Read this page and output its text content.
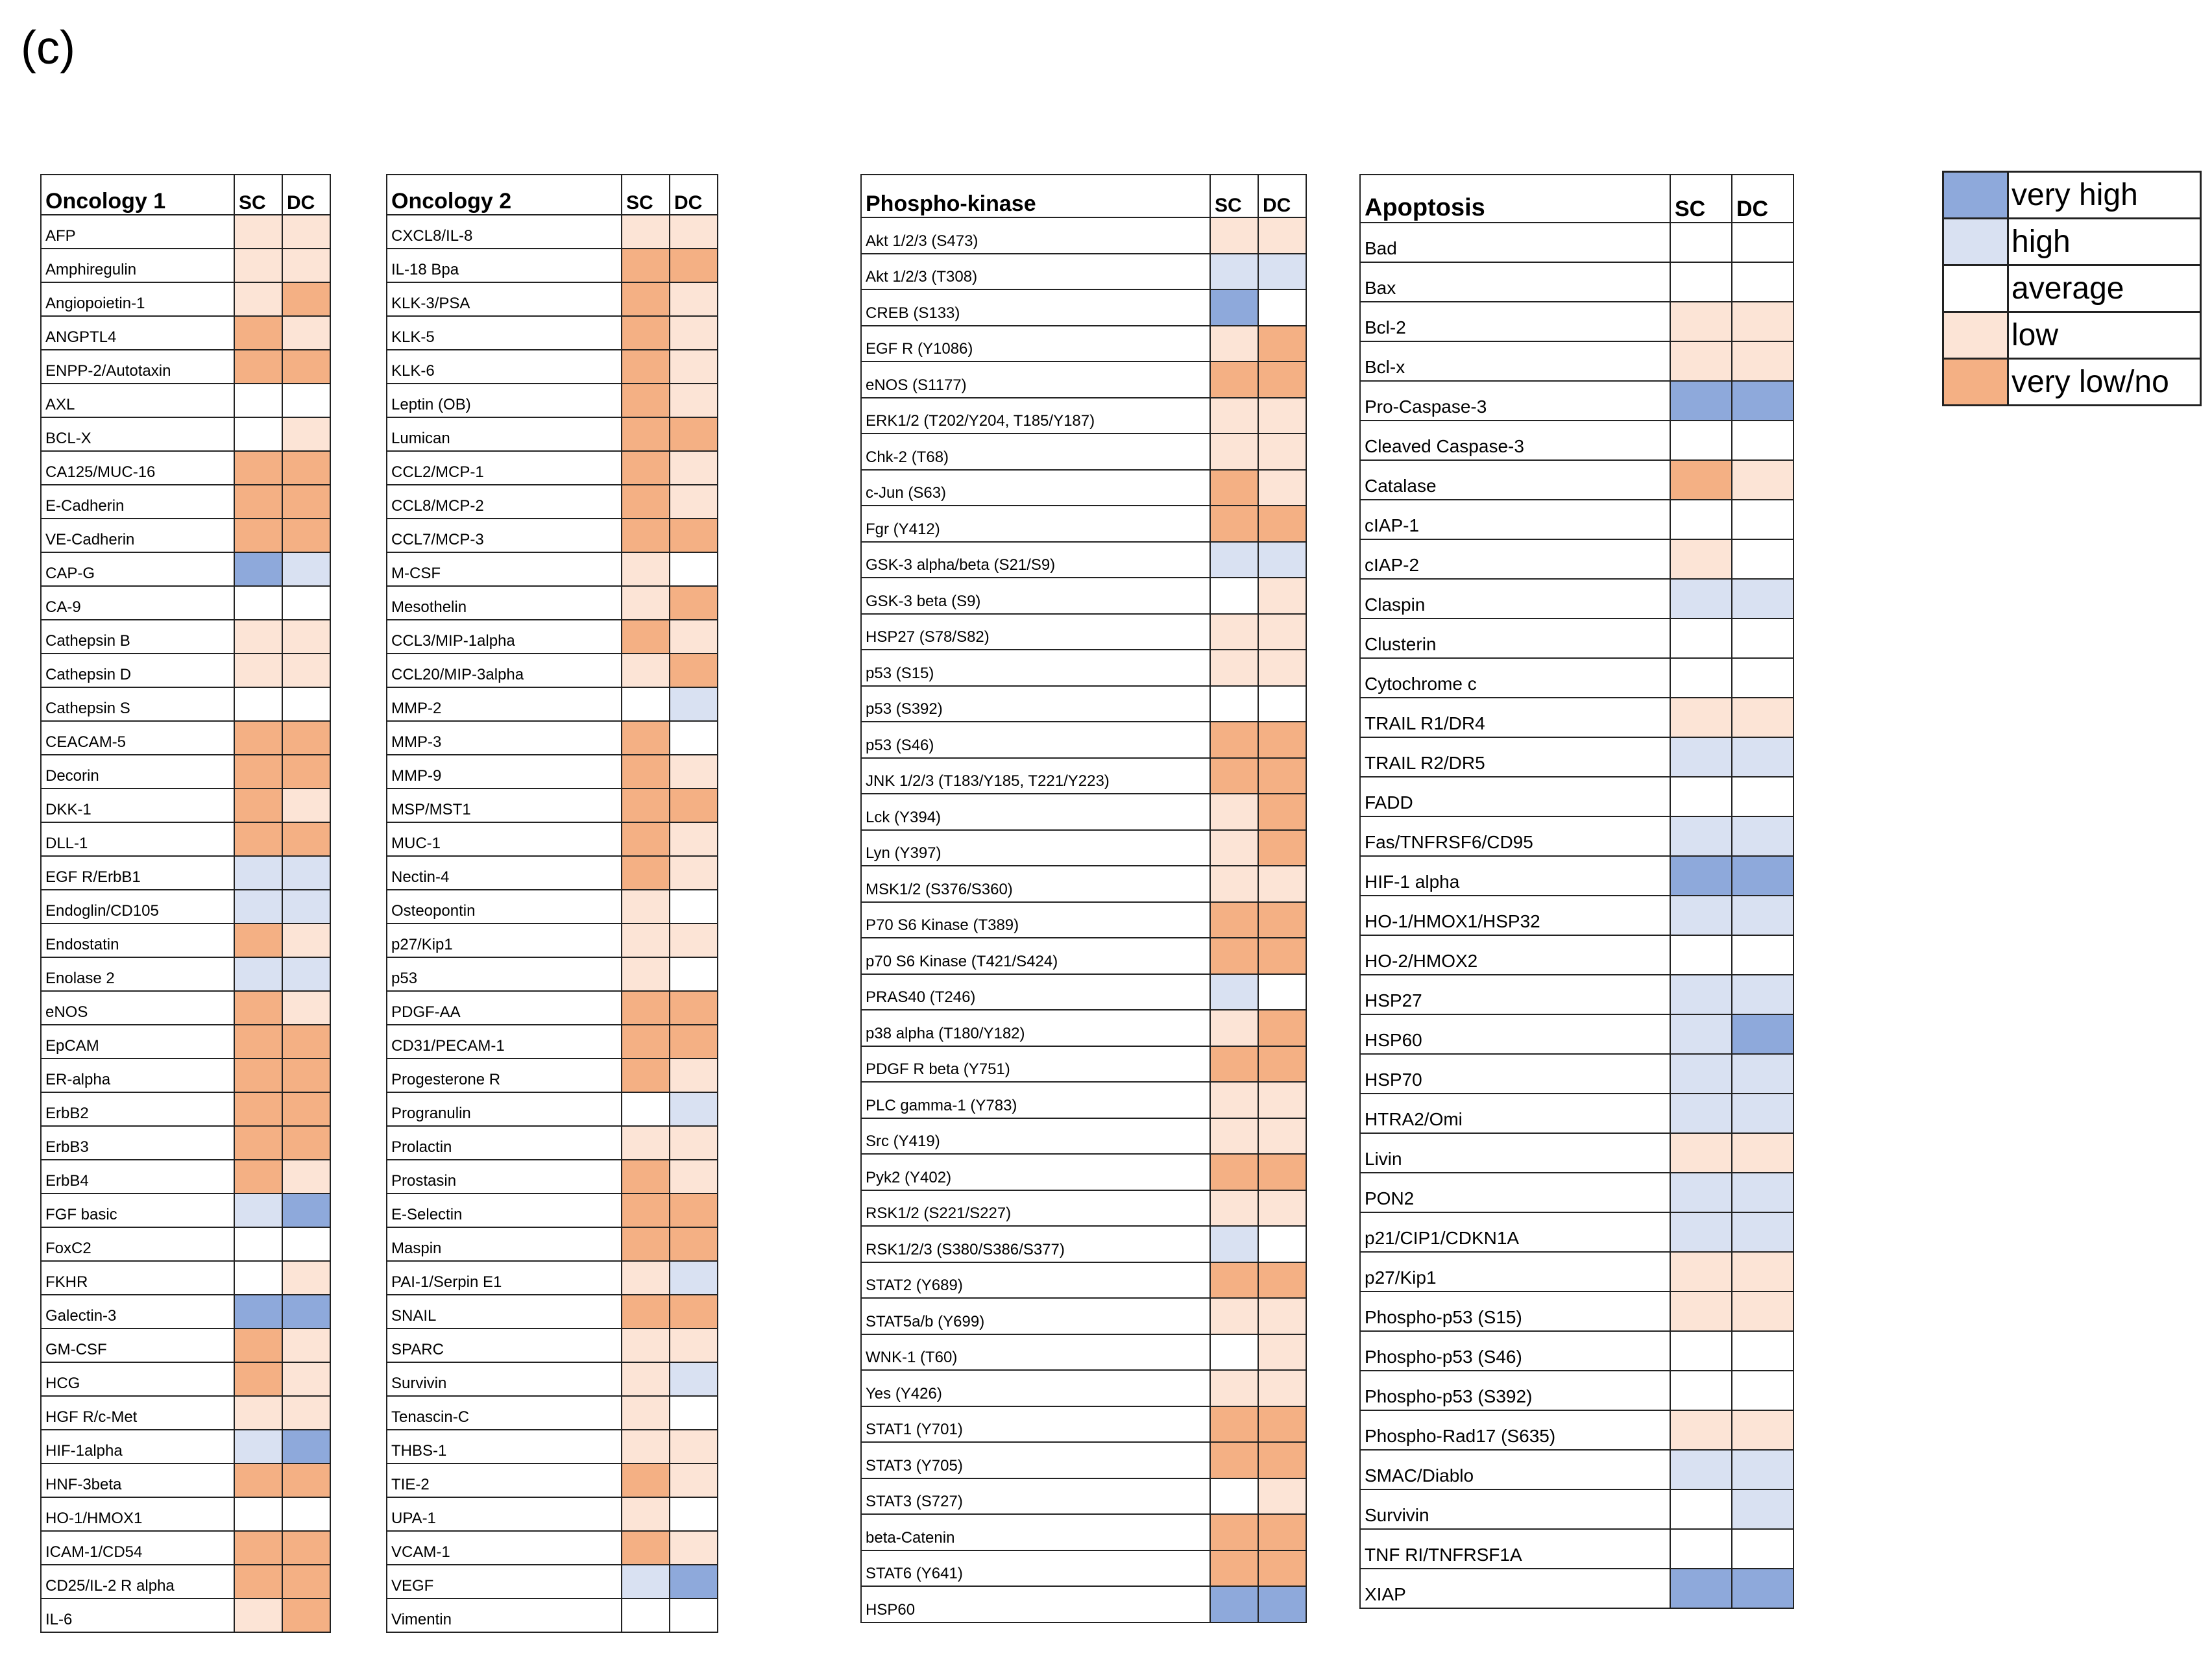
(c)
Oncology 1	SC	DC
AFP		
Amphiregulin		
Angiopoietin-1		
ANGPTL4		
ENPP-2/Autotaxin		
AXL		
BCL-X		
CA125/MUC-16		
E-Cadherin		
VE-Cadherin		
CAP-G		
CA-9		
Cathepsin B		
Cathepsin D		
Cathepsin S		
CEACAM-5		
Decorin		
DKK-1		
DLL-1		
EGF R/ErbB1		
Endoglin/CD105		
Endostatin		
Enolase 2		
eNOS		
EpCAM		
ER-alpha		
ErbB2		
ErbB3		
ErbB4		
FGF basic		
FoxC2		
FKHR		
Galectin-3		
GM-CSF		
HCG		
HGF R/c-Met		
HIF-1alpha		
HNF-3beta		
HO-1/HMOX1		
ICAM-1/CD54		
CD25/IL-2 R alpha		
IL-6		
Oncology 2	SC	DC
CXCL8/IL-8		
IL-18 Bpa		
KLK-3/PSA		
KLK-5		
KLK-6		
Leptin (OB)		
Lumican		
CCL2/MCP-1		
CCL8/MCP-2		
CCL7/MCP-3		
M-CSF		
Mesothelin		
CCL3/MIP-1alpha		
CCL20/MIP-3alpha		
MMP-2		
MMP-3		
MMP-9		
MSP/MST1		
MUC-1		
Nectin-4		
Osteopontin		
p27/Kip1		
p53		
PDGF-AA		
CD31/PECAM-1		
Progesterone R		
Progranulin		
Prolactin		
Prostasin		
E-Selectin		
Maspin		
PAI-1/Serpin E1		
SNAIL		
SPARC		
Survivin		
Tenascin-C		
THBS-1		
TIE-2		
UPA-1		
VCAM-1		
VEGF		
Vimentin		
Phospho-kinase	SC	DC
Akt 1/2/3 (S473)		
Akt 1/2/3 (T308)		
CREB (S133)		
EGF R (Y1086)		
eNOS (S1177)		
ERK1/2 (T202/Y204, T185/Y187)		
Chk-2 (T68)		
c-Jun (S63)		
Fgr (Y412)		
GSK-3 alpha/beta (S21/S9)		
GSK-3 beta (S9)		
HSP27 (S78/S82)		
p53 (S15)		
p53 (S392)		
p53 (S46)		
JNK 1/2/3 (T183/Y185, T221/Y223)		
Lck (Y394)		
Lyn (Y397)		
MSK1/2 (S376/S360)		
P70 S6 Kinase (T389)		
p70 S6 Kinase (T421/S424)		
PRAS40 (T246)		
p38 alpha (T180/Y182)		
PDGF R beta (Y751)		
PLC gamma-1 (Y783)		
Src (Y419)		
Pyk2 (Y402)		
RSK1/2 (S221/S227)		
RSK1/2/3 (S380/S386/S377)		
STAT2 (Y689)		
STAT5a/b (Y699)		
WNK-1 (T60)		
Yes (Y426)		
STAT1 (Y701)		
STAT3 (Y705)		
STAT3 (S727)		
beta-Catenin		
STAT6 (Y641)		
HSP60		
Apoptosis	SC	DC
Bad		
Bax		
Bcl-2		
Bcl-x		
Pro-Caspase-3		
Cleaved Caspase-3		
Catalase		
cIAP-1		
cIAP-2		
Claspin		
Clusterin		
Cytochrome c		
TRAIL R1/DR4		
TRAIL R2/DR5		
FADD		
Fas/TNFRSF6/CD95		
HIF-1 alpha		
HO-1/HMOX1/HSP32		
HO-2/HMOX2		
HSP27		
HSP60		
HSP70		
HTRA2/Omi		
Livin		
PON2		
p21/CIP1/CDKN1A		
p27/Kip1		
Phospho-p53 (S15)		
Phospho-p53 (S46)		
Phospho-p53 (S392)		
Phospho-Rad17 (S635)		
SMAC/Diablo		
Survivin		
TNF RI/TNFRSF1A		
XIAP		
	very high
	high
	average
	low
	very low/no
